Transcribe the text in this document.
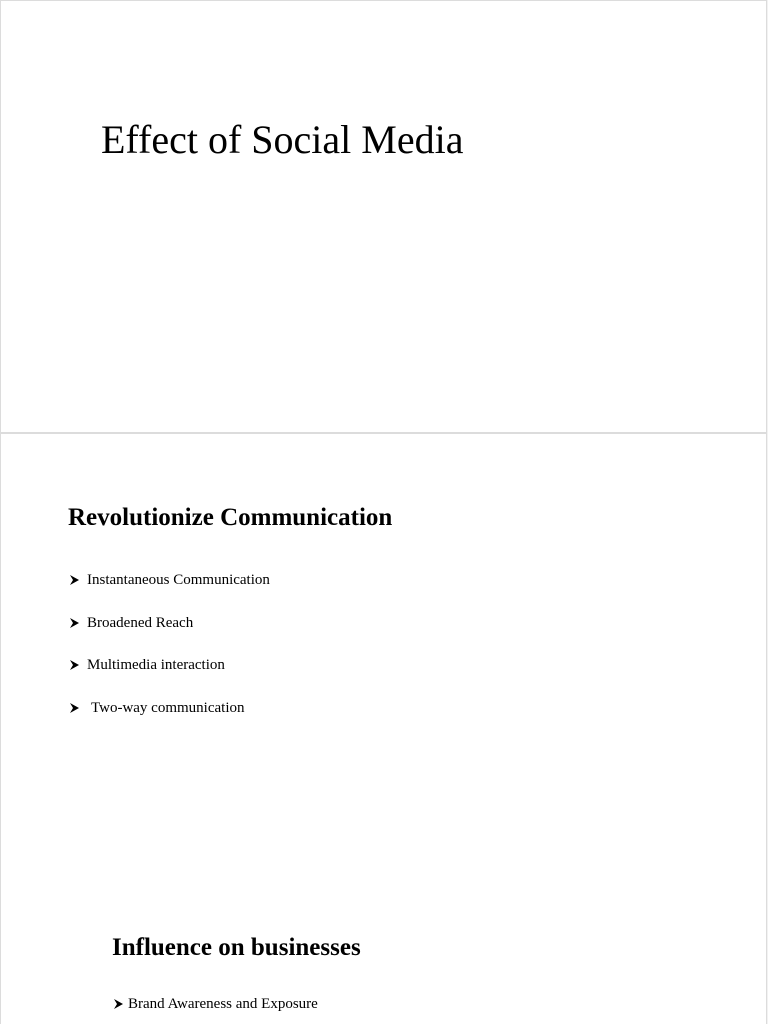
Effect of Social Media
Revolutionize Communication
Instantaneous Communication
Broadened Reach
Multimedia interaction
Two-way communication
Influence on businesses
Brand Awareness and Exposure
